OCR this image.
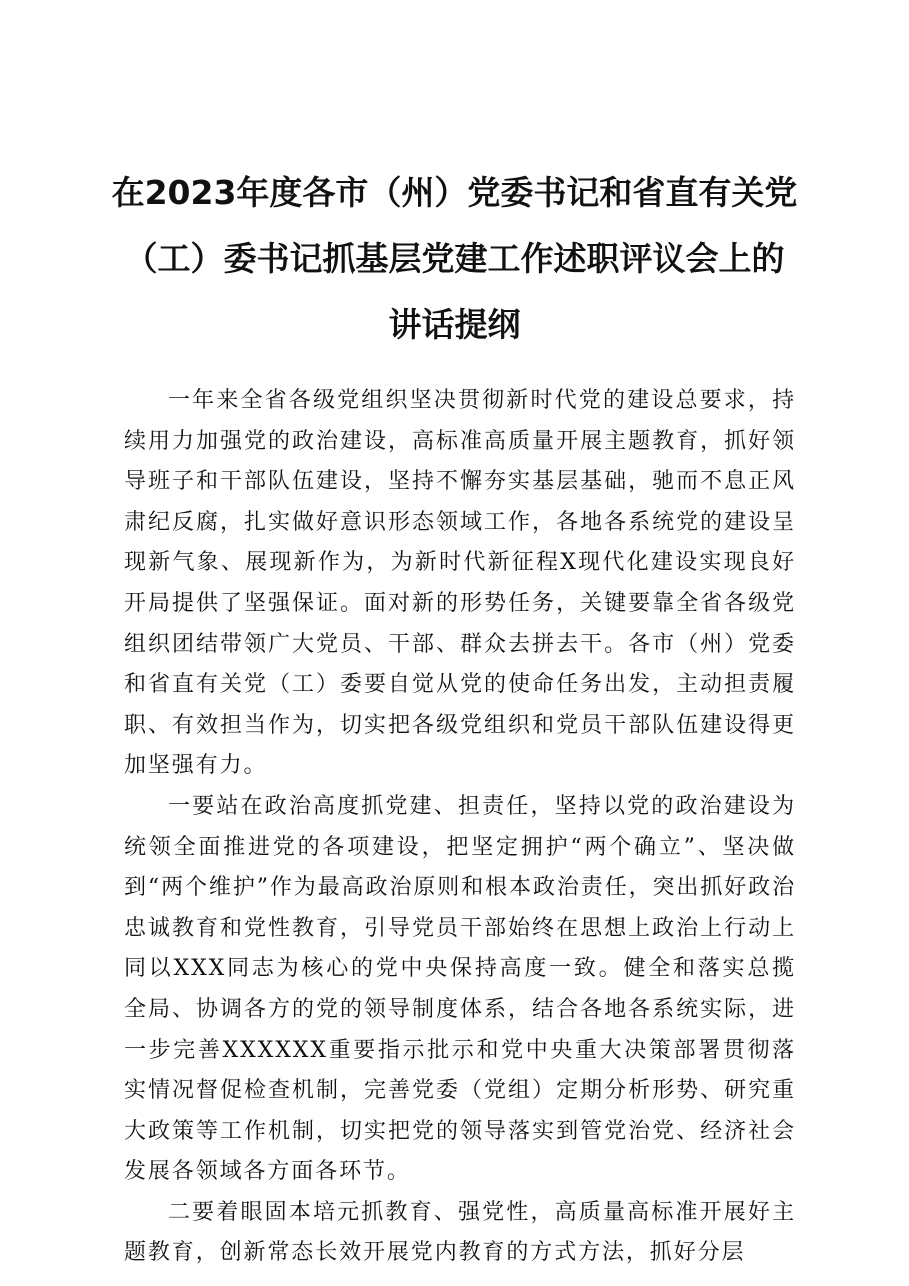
在2023年度各市（州）党委书记和省直有关党（工）委书记抓基层党建工作述职评议会上的讲话提纲

一年来全省各级党组织坚决贯彻新时代党的建设总要求，持续用力加强党的政治建设，高标准高质量开展主题教育，抓好领导班子和干部队伍建设，坚持不懈夯实基层基础，驰而不息正风肃纪反腐，扎实做好意识形态领域工作，各地各系统党的建设呈现新气象、展现新作为，为新时代新征程X现代化建设实现良好开局提供了坚强保证。面对新的形势任务，关键要靠全省各级党组织团结带领广大党员、干部、群众去拼去干。各市（州）党委和省直有关党（工）委要自觉从党的使命任务出发，主动担责履职、有效担当作为，切实把各级党组织和党员干部队伍建设得更加坚强有力。

一要站在政治高度抓党建、担责任，坚持以党的政治建设为统领全面推进党的各项建设，把坚定拥护“两个确立”、坚决做到“两个维护”作为最高政治原则和根本政治责任，突出抓好政治忠诚教育和党性教育，引导党员干部始终在思想上政治上行动上同以XXX同志为核心的党中央保持高度一致。健全和落实总揽全局、协调各方的党的领导制度体系，结合各地各系统实际，进一步完善XXXXXX重要指示批示和党中央重大决策部署贯彻落实情况督促检查机制，完善党委（党组）定期分析形势、研究重大政策等工作机制，切实把党的领导落实到管党治党、经济社会发展各领域各方面各环节。

二要着眼固本培元抓教育、强党性，高质量高标准开展好主题教育，创新常态长效开展党内教育的方式方法，抓好分层
